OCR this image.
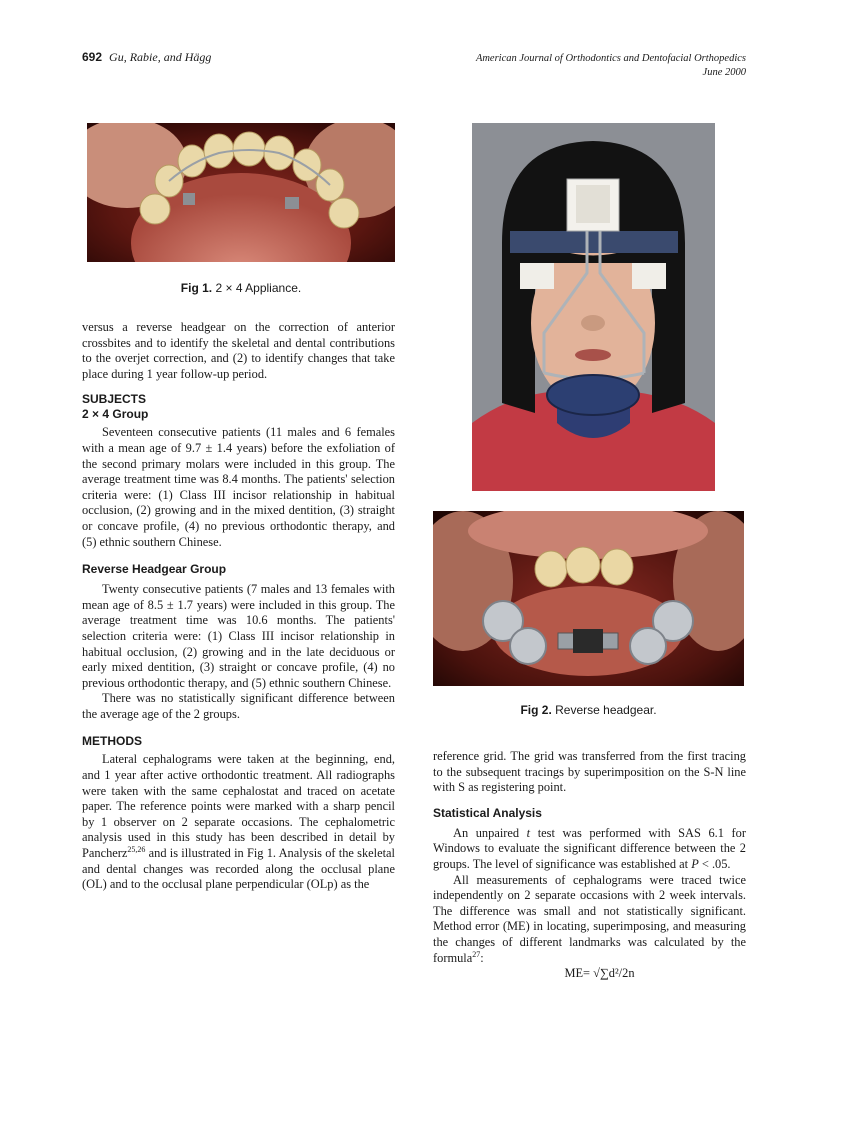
692 Gu, Rabie, and Hägg	American Journal of Orthodontics and Dentofacial Orthopedics
June 2000
Fig 1. 2 × 4 Appliance.
Fig 2. Reverse headgear.

versus a reverse headgear on the correction of anterior crossbites and to identify the skeletal and dental contributions to the overjet correction, and (2) to identify changes that take place during 1 year follow-up period.

SUBJECTS
2 × 4 Group

Seventeen consecutive patients (11 males and 6 females with a mean age of 9.7 ± 1.4 years) before the exfoliation of the second primary molars were included in this group. The average treatment time was 8.4 months. The patients' selection criteria were: (1) Class III incisor relationship in habitual occlusion, (2) growing and in the mixed dentition, (3) straight or concave profile, (4) no previous orthodontic therapy, and (5) ethnic southern Chinese.

Reverse Headgear Group

Twenty consecutive patients (7 males and 13 females with mean age of 8.5 ± 1.7 years) were included in this group. The average treatment time was 10.6 months. The patients' selection criteria were: (1) Class III incisor relationship in habitual occlusion, (2) growing and in the late deciduous or early mixed dentition, (3) straight or concave profile, (4) no previous orthodontic therapy, and (5) ethnic southern Chinese.

There was no statistically significant difference between the average age of the 2 groups.

METHODS

Lateral cephalograms were taken at the beginning, end, and 1 year after active orthodontic treatment. All radiographs were taken with the same cephalostat and traced on acetate paper. The reference points were marked with a sharp pencil by 1 observer on 2 separate occasions. The cephalometric analysis used in this study has been described in detail by Pancherz$^{25,26}$ and is illustrated in Fig 1. Analysis of the skeletal and dental changes was recorded along the occlusal plane (OL) and to the occlusal plane perpendicular (OLp) as the

reference grid. The grid was transferred from the first tracing to the subsequent tracings by superimposition on the S-N line with S as registering point.

Statistical Analysis

An unpaired t test was performed with SAS 6.1 for Windows to evaluate the significant difference between the 2 groups. The level of significance was established at P < .05.

All measurements of cephalograms were traced twice independently on 2 separate occasions with 2 week intervals. The difference was small and not statistically significant. Method error (ME) in locating, superimposing, and measuring the changes of different landmarks was calculated by the formula$^{27}$:

ME= √∑d²/2n
